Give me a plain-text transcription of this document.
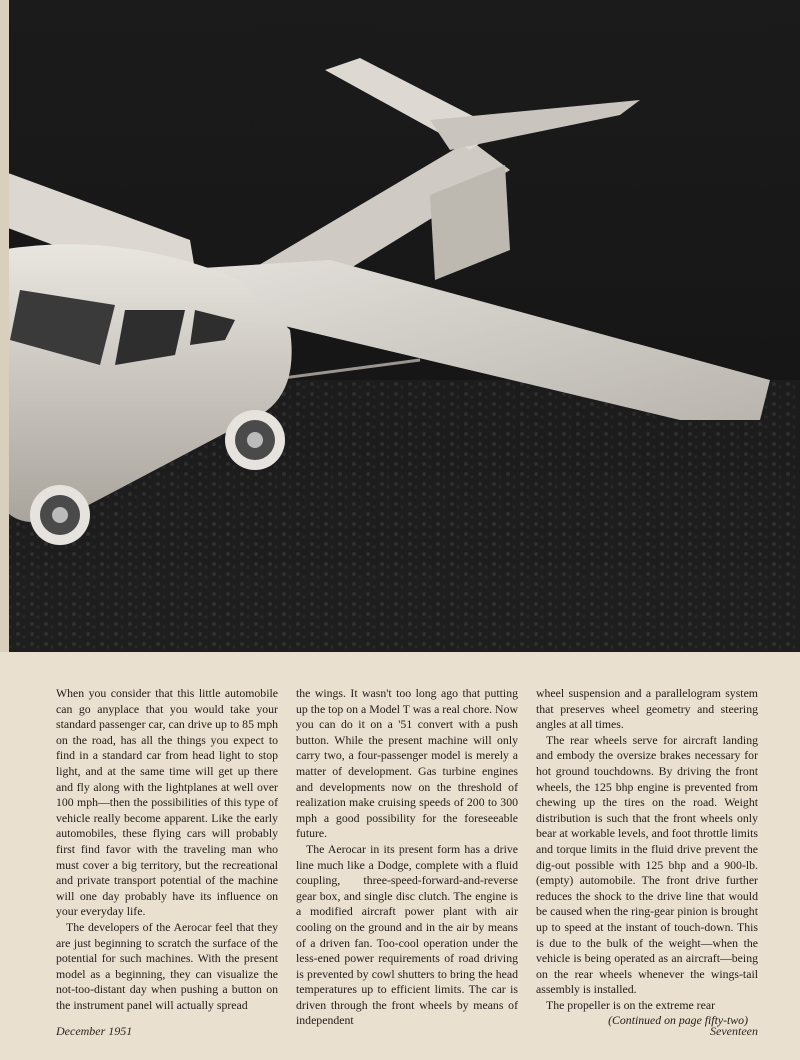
When you consider that this little automobile can go anyplace that you would take your standard passenger car, can drive up to 85 mph on the road, has all the things you expect to find in a standard car from head light to stop light, and at the same time will get up there and fly along with the lightplanes at well over 100 mph—then the possibilities of this type of vehicle really become apparent. Like the early automobiles, these flying cars will probably first find favor with the traveling man who must cover a big territory, but the recreational and private transport potential of the machine will one day probably have its influence on your everyday life.

The developers of the Aerocar feel that they are just beginning to scratch the surface of the potential for such machines. With the present model as a beginning, they can visualize the not-too-distant day when pushing a button on the instrument panel will actually spread

the wings. It wasn't too long ago that putting up the top on a Model T was a real chore. Now you can do it on a '51 convert with a push button. While the present machine will only carry two, a four-passenger model is merely a matter of development. Gas turbine engines and developments now on the threshold of realization make cruising speeds of 200 to 300 mph a good possibility for the foreseeable future.

The Aerocar in its present form has a drive line much like a Dodge, complete with a fluid coupling, three-speed-forward-and-reverse gear box, and single disc clutch. The engine is a modified aircraft power plant with air cooling on the ground and in the air by means of a driven fan. Too-cool operation under the less-ened power requirements of road driving is prevented by cowl shutters to bring the head temperatures up to efficient limits. The car is driven through the front wheels by means of independent

wheel suspension and a parallelogram system that preserves wheel geometry and steering angles at all times.

The rear wheels serve for aircraft landing and embody the oversize brakes necessary for hot ground touchdowns. By driving the front wheels, the 125 bhp engine is prevented from chewing up the tires on the road. Weight distribution is such that the front wheels only bear at workable levels, and foot throttle limits and torque limits in the fluid drive prevent the dig-out possible with 125 bhp and a 900-lb. (empty) automobile. The front drive further reduces the shock to the drive line that would be caused when the ring-gear pinion is brought up to speed at the instant of touch-down. This is due to the bulk of the weight—when the vehicle is being operated as an aircraft—being on the rear wheels whenever the wings-tail assembly is installed.

The propeller is on the extreme rear

(Continued on page fifty-two)

December 1951	Seventeen
